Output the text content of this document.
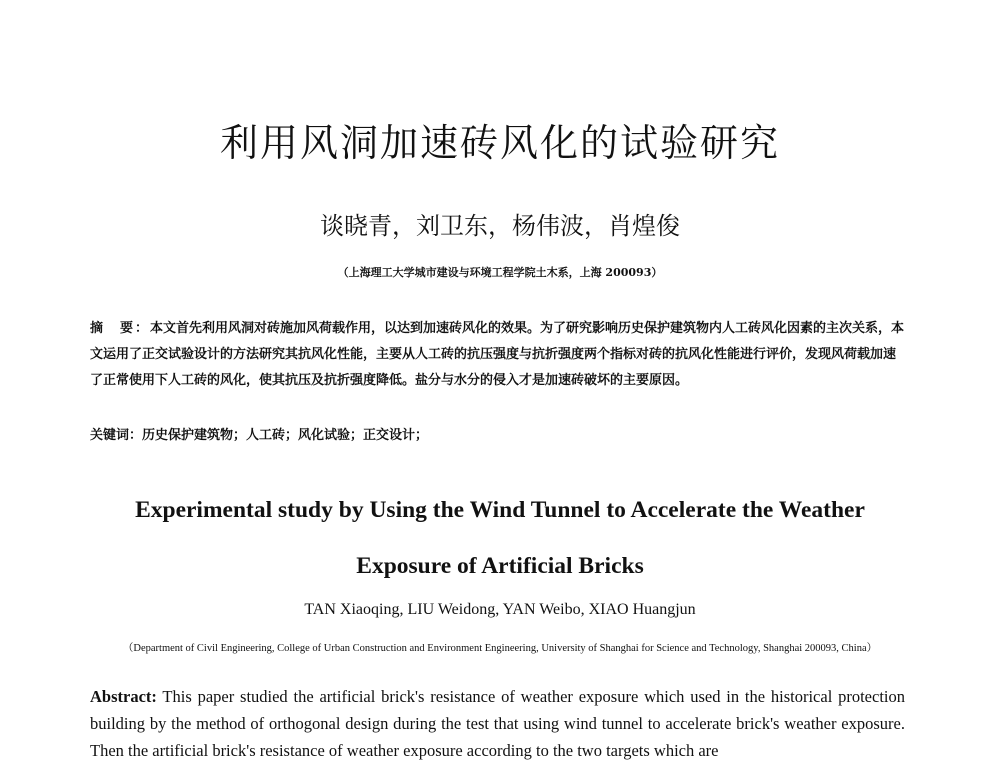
利用风洞加速砖风化的试验研究
谈晓青，刘卫东，杨伟波，肖煌俊
（上海理工大学城市建设与环境工程学院土木系，上海 200093）

摘　要：本文首先利用风洞对砖施加风荷载作用，以达到加速砖风化的效果。为了研究影响历史保护建筑物内人工砖风化因素的主次关系，本文运用了正交试验设计的方法研究其抗风化性能，主要从人工砖的抗压强度与抗折强度两个指标对砖的抗风化性能进行评价，发现风荷载加速了正常使用下人工砖的风化，使其抗压及抗折强度降低。盐分与水分的侵入才是加速砖破坏的主要原因。

关键词：历史保护建筑物；人工砖；风化试验；正交设计；

Experimental study by Using the Wind Tunnel to Accelerate the Weather
Exposure of Artificial Bricks
TAN Xiaoqing, LIU Weidong, YAN Weibo, XIAO Huangjun
（Department of Civil Engineering, College of Urban Construction and Environment Engineering, University of Shanghai for Science and Technology, Shanghai 200093, China）

Abstract: This paper studied the artificial brick's resistance of weather exposure which used in the historical protection building by the method of orthogonal design during the test that using wind tunnel to accelerate brick's weather exposure. Then the artificial brick's resistance of weather exposure according to the two targets which are
